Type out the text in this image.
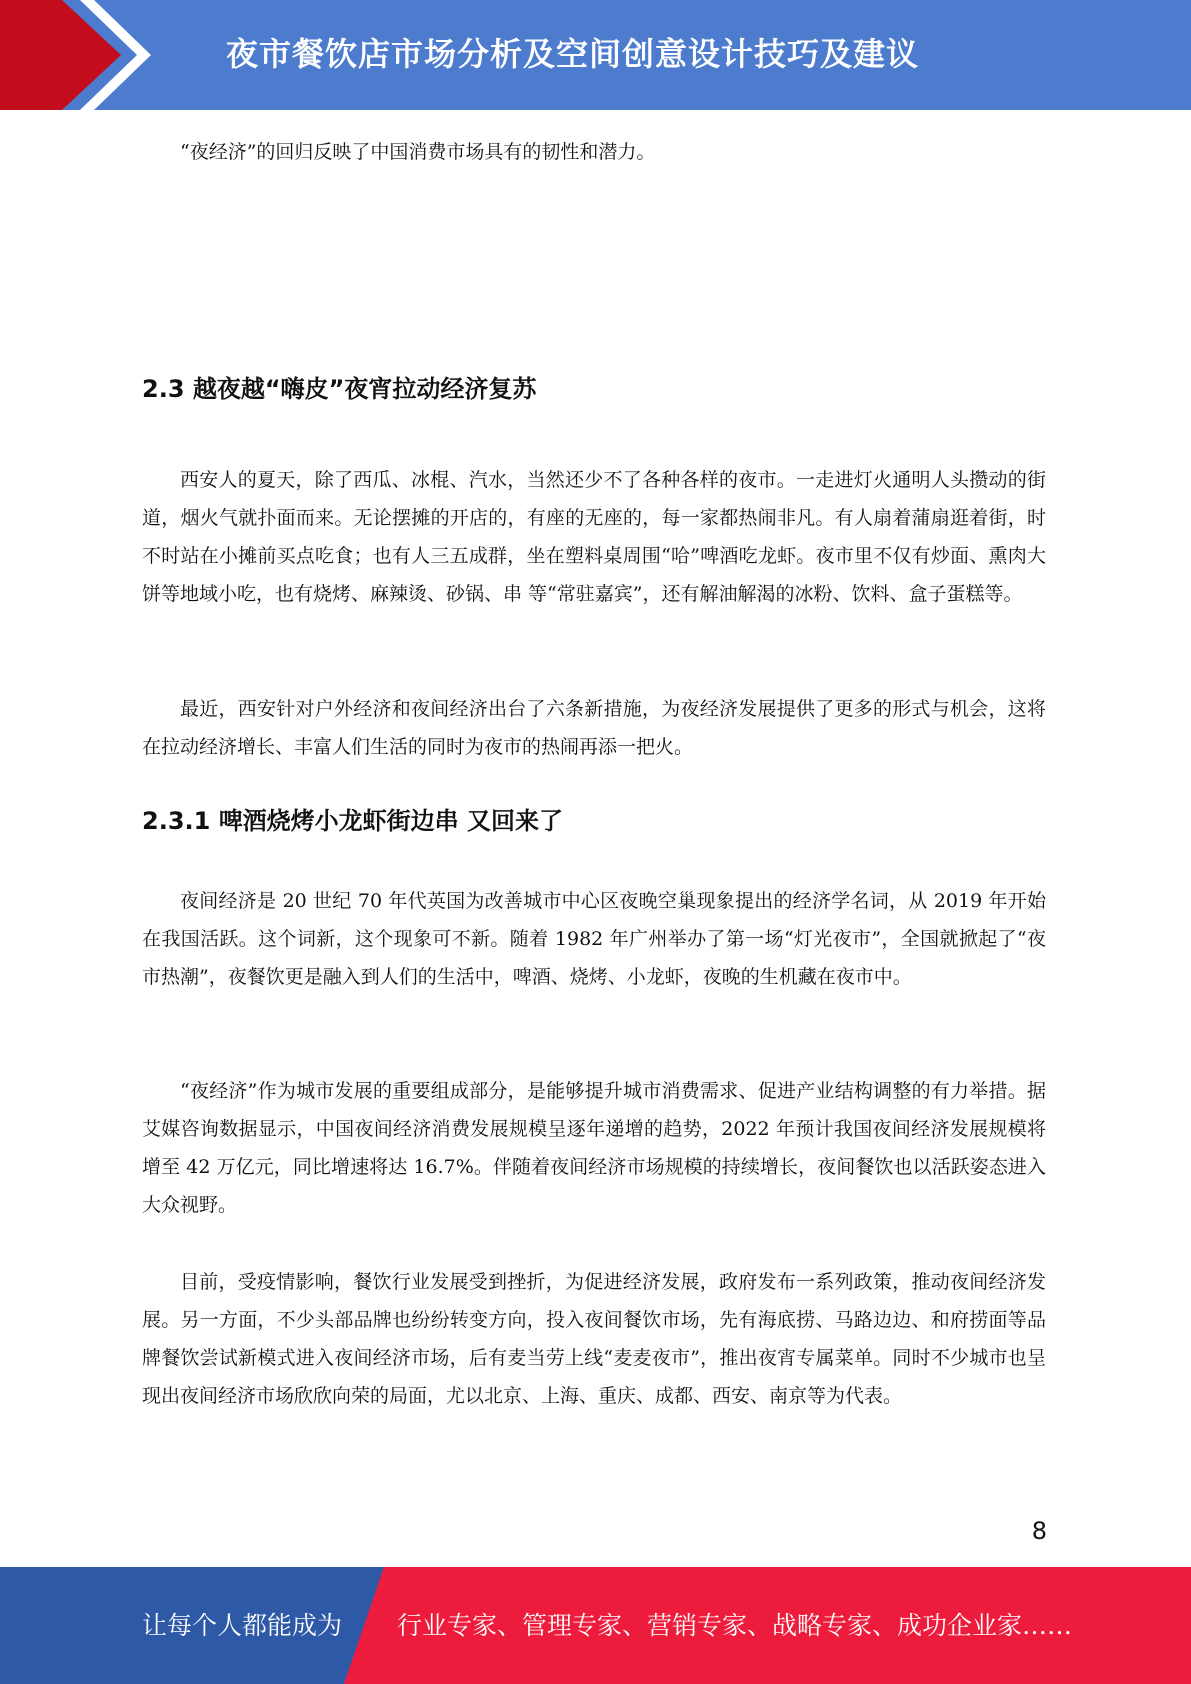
夜市餐饮店市场分析及空间创意设计技巧及建议

“夜经济”的回归反映了中国消费市场具有的韧性和潜力。

2.3 越夜越“嗨皮”夜宵拉动经济复苏

西安人的夏天，除了西瓜、冰棍、汽水，当然还少不了各种各样的夜市。一走进灯火通明人头攒动的街道，烟火气就扑面而来。无论摆摊的开店的，有座的无座的，每一家都热闹非凡。有人扇着蒲扇逛着街，时不时站在小摊前买点吃食；也有人三五成群，坐在塑料桌周围“哈”啤酒吃龙虾。夜市里不仅有炒面、熏肉大饼等地域小吃，也有烧烤、麻辣烫、砂锅、串 等“常驻嘉宾”，还有解油解渴的冰粉、饮料、盒子蛋糕等。

最近，西安针对户外经济和夜间经济出台了六条新措施，为夜经济发展提供了更多的形式与机会，这将在拉动经济增长、丰富人们生活的同时为夜市的热闹再添一把火。

2.3.1 啤酒烧烤小龙虾街边串 又回来了

夜间经济是 20 世纪 70 年代英国为改善城市中心区夜晚空巢现象提出的经济学名词，从 2019 年开始在我国活跃。这个词新，这个现象可不新。随着 1982 年广州举办了第一场“灯光夜市”，全国就掀起了“夜市热潮”，夜餐饮更是融入到人们的生活中，啤酒、烧烤、小龙虾，夜晚的生机藏在夜市中。

“夜经济”作为城市发展的重要组成部分，是能够提升城市消费需求、促进产业结构调整的有力举措。据艾媒咨询数据显示，中国夜间经济消费发展规模呈逐年递增的趋势，2022 年预计我国夜间经济发展规模将增至 42 万亿元，同比增速将达 16.7%。伴随着夜间经济市场规模的持续增长，夜间餐饮也以活跃姿态进入大众视野。

目前，受疫情影响，餐饮行业发展受到挫折，为促进经济发展，政府发布一系列政策，推动夜间经济发展。另一方面，不少头部品牌也纷纷转变方向，投入夜间餐饮市场，先有海底捞、马路边边、和府捞面等品牌餐饮尝试新模式进入夜间经济市场，后有麦当劳上线“麦麦夜市”，推出夜宵专属菜单。同时不少城市也呈现出夜间经济市场欣欣向荣的局面，尤以北京、上海、重庆、成都、西安、南京等为代表。

8
让每个人都能成为 行业专家、管理专家、营销专家、战略专家、成功企业家……
